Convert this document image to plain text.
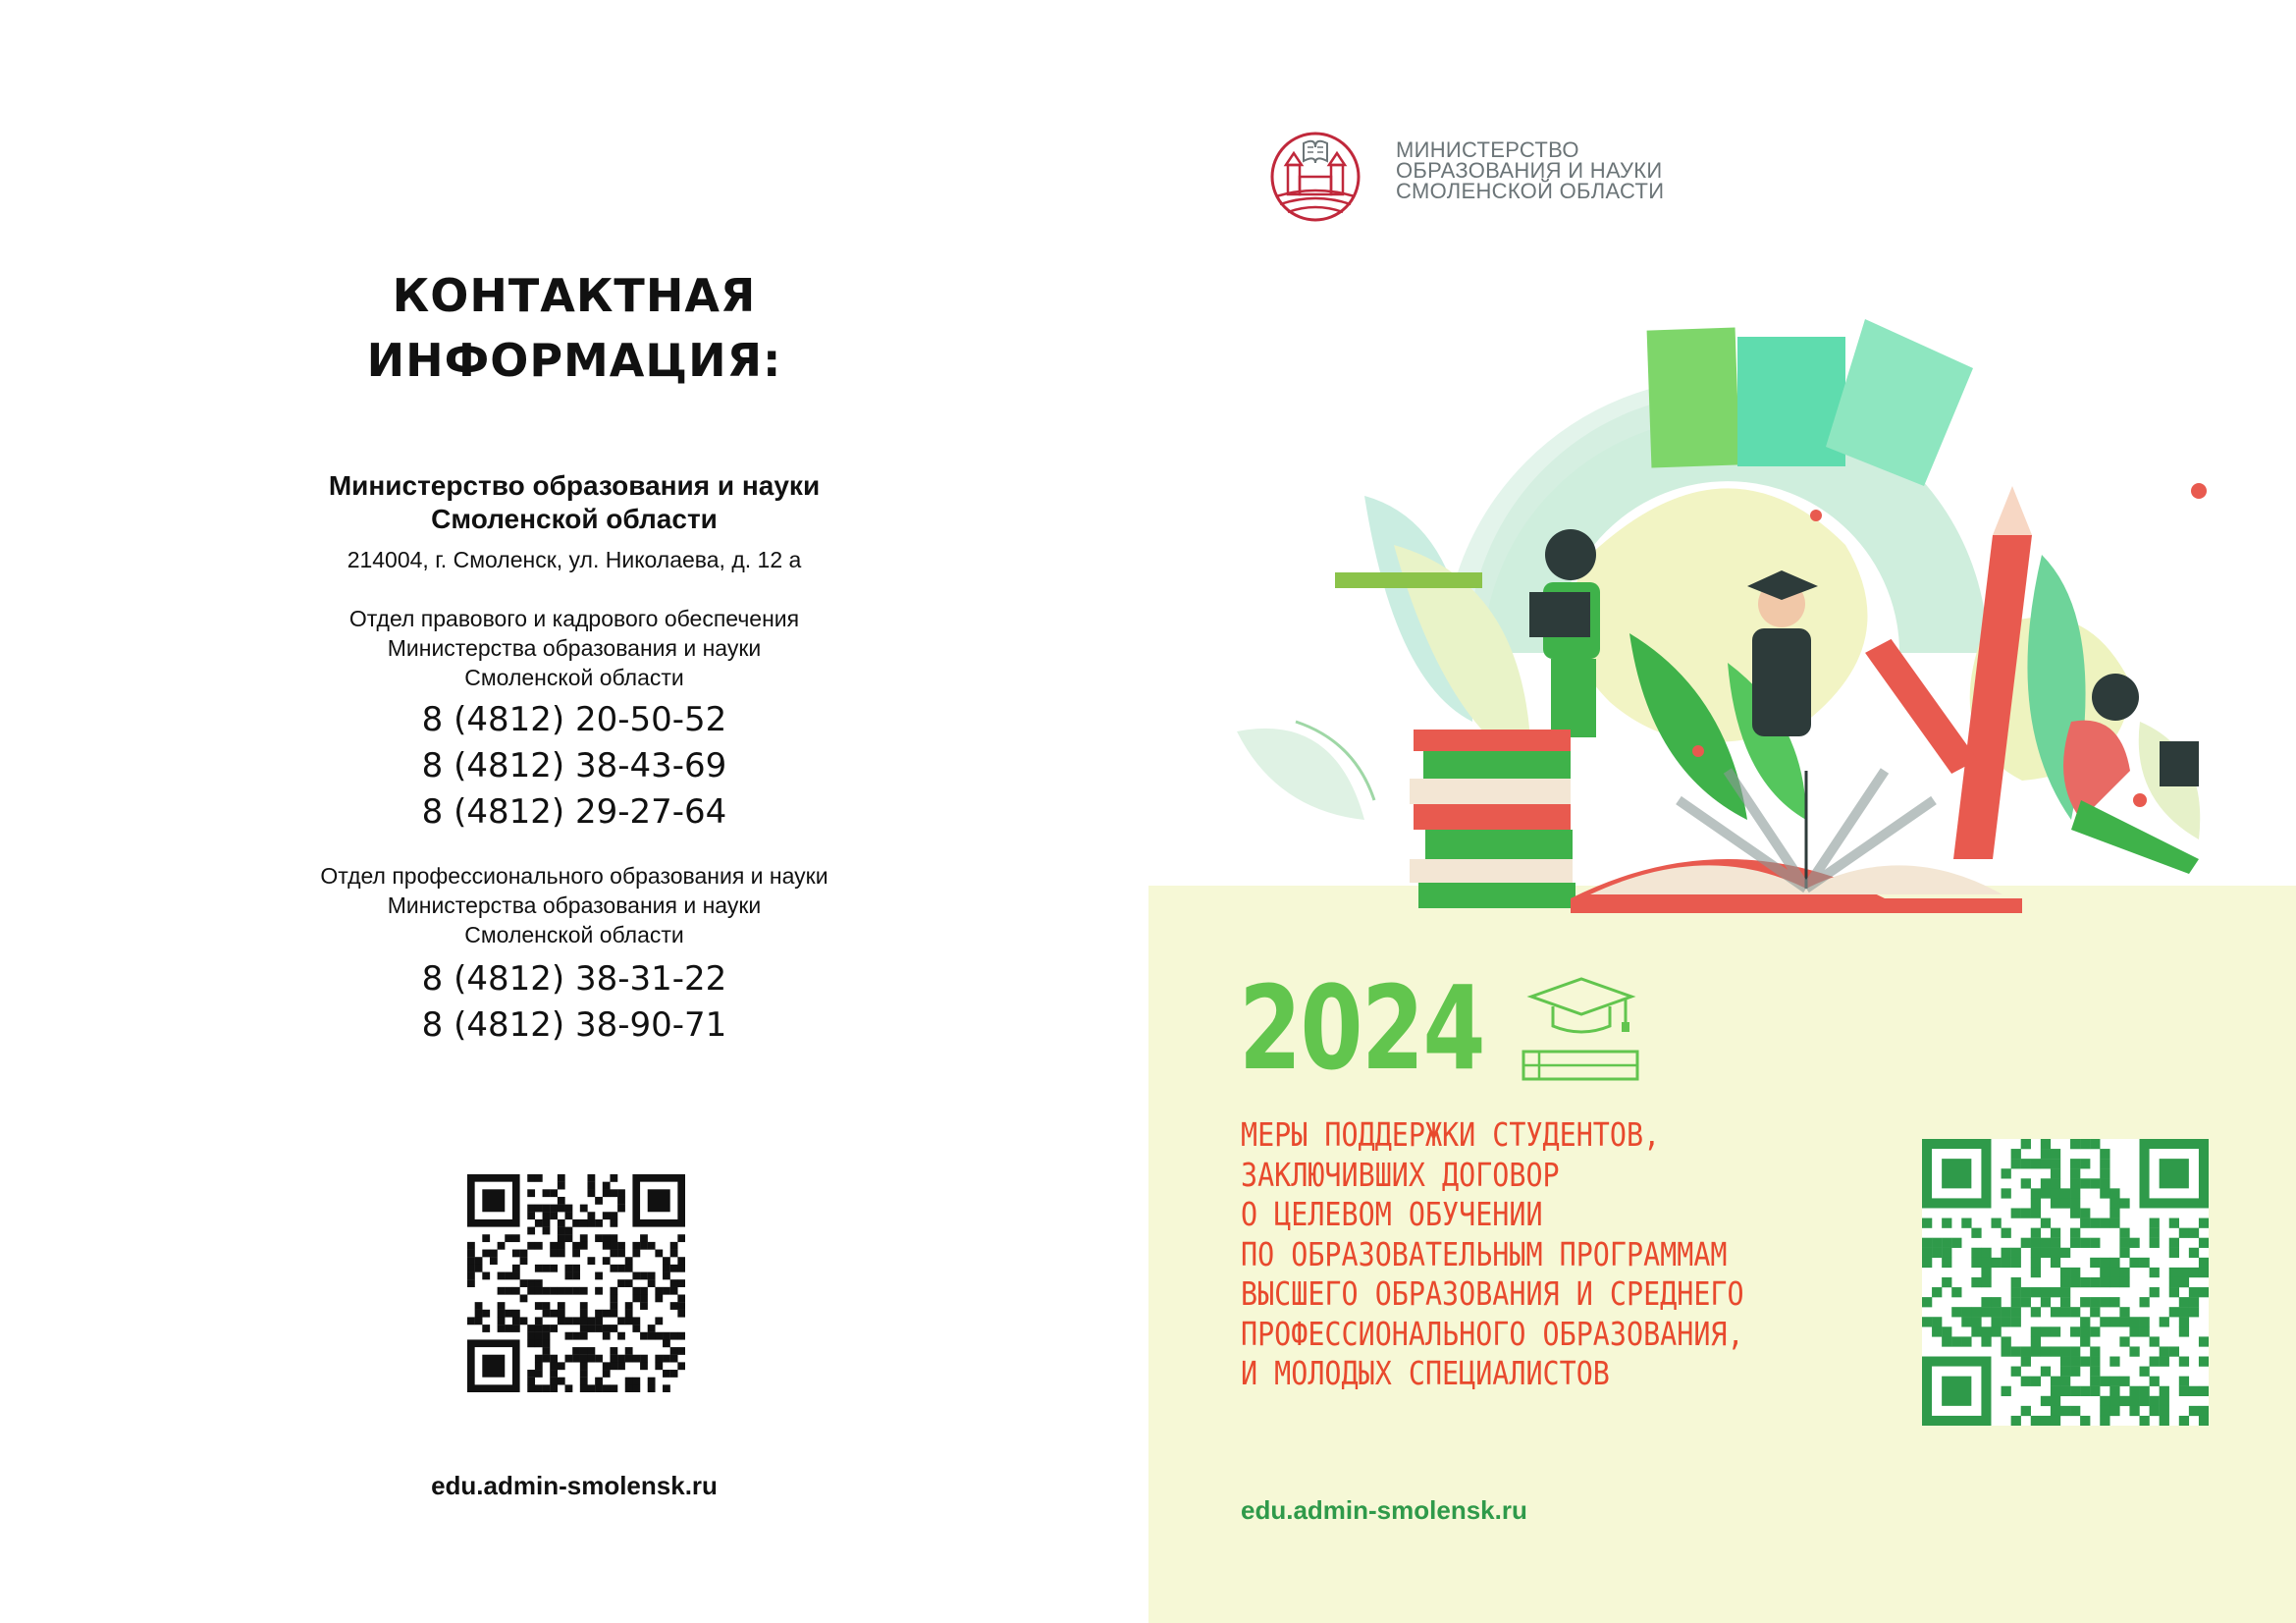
КОНТАКТНАЯ
ИНФОРМАЦИЯ:
Министерство образования и науки
Смоленской области
214004, г. Смоленск, ул. Николаева, д. 12 а
Отдел правового и кадрового обеспечения
Министерства образования и науки
Смоленской области
8 (4812) 20-50-52
8 (4812) 38-43-69
8 (4812) 29-27-64
Отдел профессионального образования и науки
Министерства образования и науки
Смоленской области
8 (4812) 38-31-22
8 (4812) 38-90-71
edu.admin-smolensk.ru
МИНИСТЕРСТВО
ОБРАЗОВАНИЯ И НАУКИ
СМОЛЕНСКОЙ ОБЛАСТИ
2024
МЕРЫ ПОДДЕРЖКИ СТУДЕНТОВ,
ЗАКЛЮЧИВШИХ ДОГОВОР
О ЦЕЛЕВОМ ОБУЧЕНИИ
ПО ОБРАЗОВАТЕЛЬНЫМ ПРОГРАММАМ
ВЫСШЕГО ОБРАЗОВАНИЯ И СРЕДНЕГО
ПРОФЕССИОНАЛЬНОГО ОБРАЗОВАНИЯ,
И МОЛОДЫХ СПЕЦИАЛИСТОВ
edu.admin-smolensk.ru
